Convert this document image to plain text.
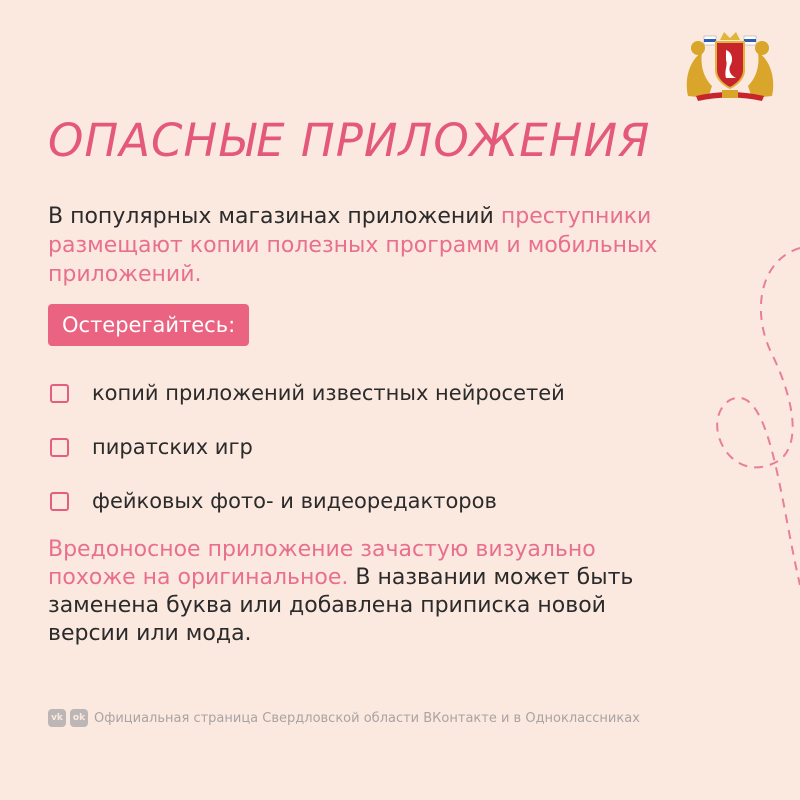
ОПАСНЫЕ ПРИЛОЖЕНИЯ

В популярных магазинах приложений преступники размещают копии полезных программ и мобильных приложений.

Остерегайтесь:
копий приложений известных нейросетей
пиратских игр
фейковых фото- и видеоредакторов

Вредоносное приложение зачастую визуально похоже на оригинальное. В названии может быть заменена буква или добавлена приписка новой версии или мода.

vk	ok Официальная страница Свердловской области ВКонтакте и в Одноклассниках
